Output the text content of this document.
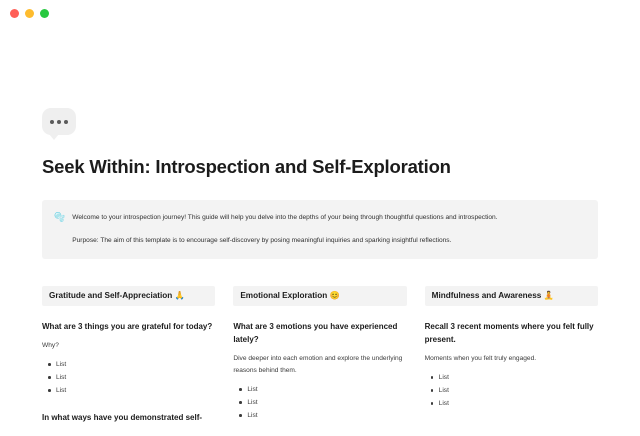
Seek Within: Introspection and Self-Exploration
🫧 Welcome to your introspection journey! This guide will help you delve into the depths of your being through thoughtful questions and introspection.

Purpose: The aim of this template is to encourage self-discovery by posing meaningful inquiries and sparking insightful reflections.

Gratitude and Self-Appreciation 🙏
What are 3 things you are grateful for today?
Why?
List
List
List
In what ways have you demonstrated self-
Emotional Exploration 😊
What are 3 emotions you have experienced lately?
Dive deeper into each emotion and explore the underlying reasons behind them.
List
List
List
Mindfulness and Awareness 🧘
Recall 3 recent moments where you felt fully present.
Moments when you felt truly engaged.
List
List
List
